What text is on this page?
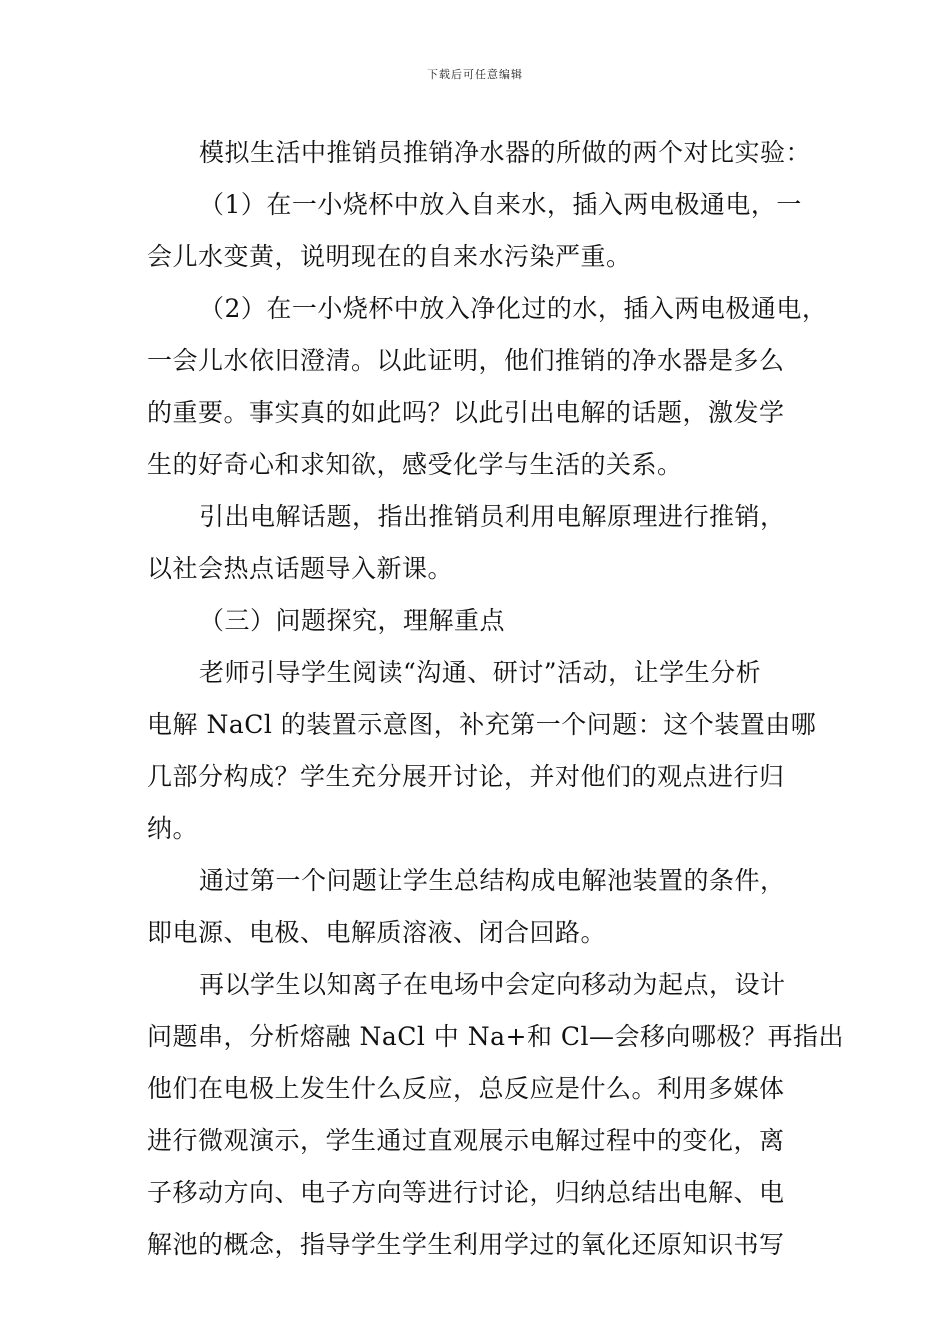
下载后可任意编辑
模拟生活中推销员推销净水器的所做的两个对比实验：
（1）在一小烧杯中放入自来水，插入两电极通电，一
会儿水变黄，说明现在的自来水污染严重。
（2）在一小烧杯中放入净化过的水，插入两电极通电，
一会儿水依旧澄清。以此证明，他们推销的净水器是多么
的重要。事实真的如此吗？以此引出电解的话题，激发学
生的好奇心和求知欲，感受化学与生活的关系。
引出电解话题，指出推销员利用电解原理进行推销，
以社会热点话题导入新课。
（三）问题探究，理解重点
老师引导学生阅读“沟通、研讨”活动，让学生分析
电解 NaCl 的装置示意图，补充第一个问题：这个装置由哪
几部分构成？学生充分展开讨论，并对他们的观点进行归
纳。
通过第一个问题让学生总结构成电解池装置的条件，
即电源、电极、电解质溶液、闭合回路。
再以学生以知离子在电场中会定向移动为起点，设计
问题串，分析熔融 NaCl 中 Na+和 Cl—会移向哪极？再指出
他们在电极上发生什么反应，总反应是什么。利用多媒体
进行微观演示，学生通过直观展示电解过程中的变化，离
子移动方向、电子方向等进行讨论，归纳总结出电解、电
解池的概念，指导学生学生利用学过的氧化还原知识书写
